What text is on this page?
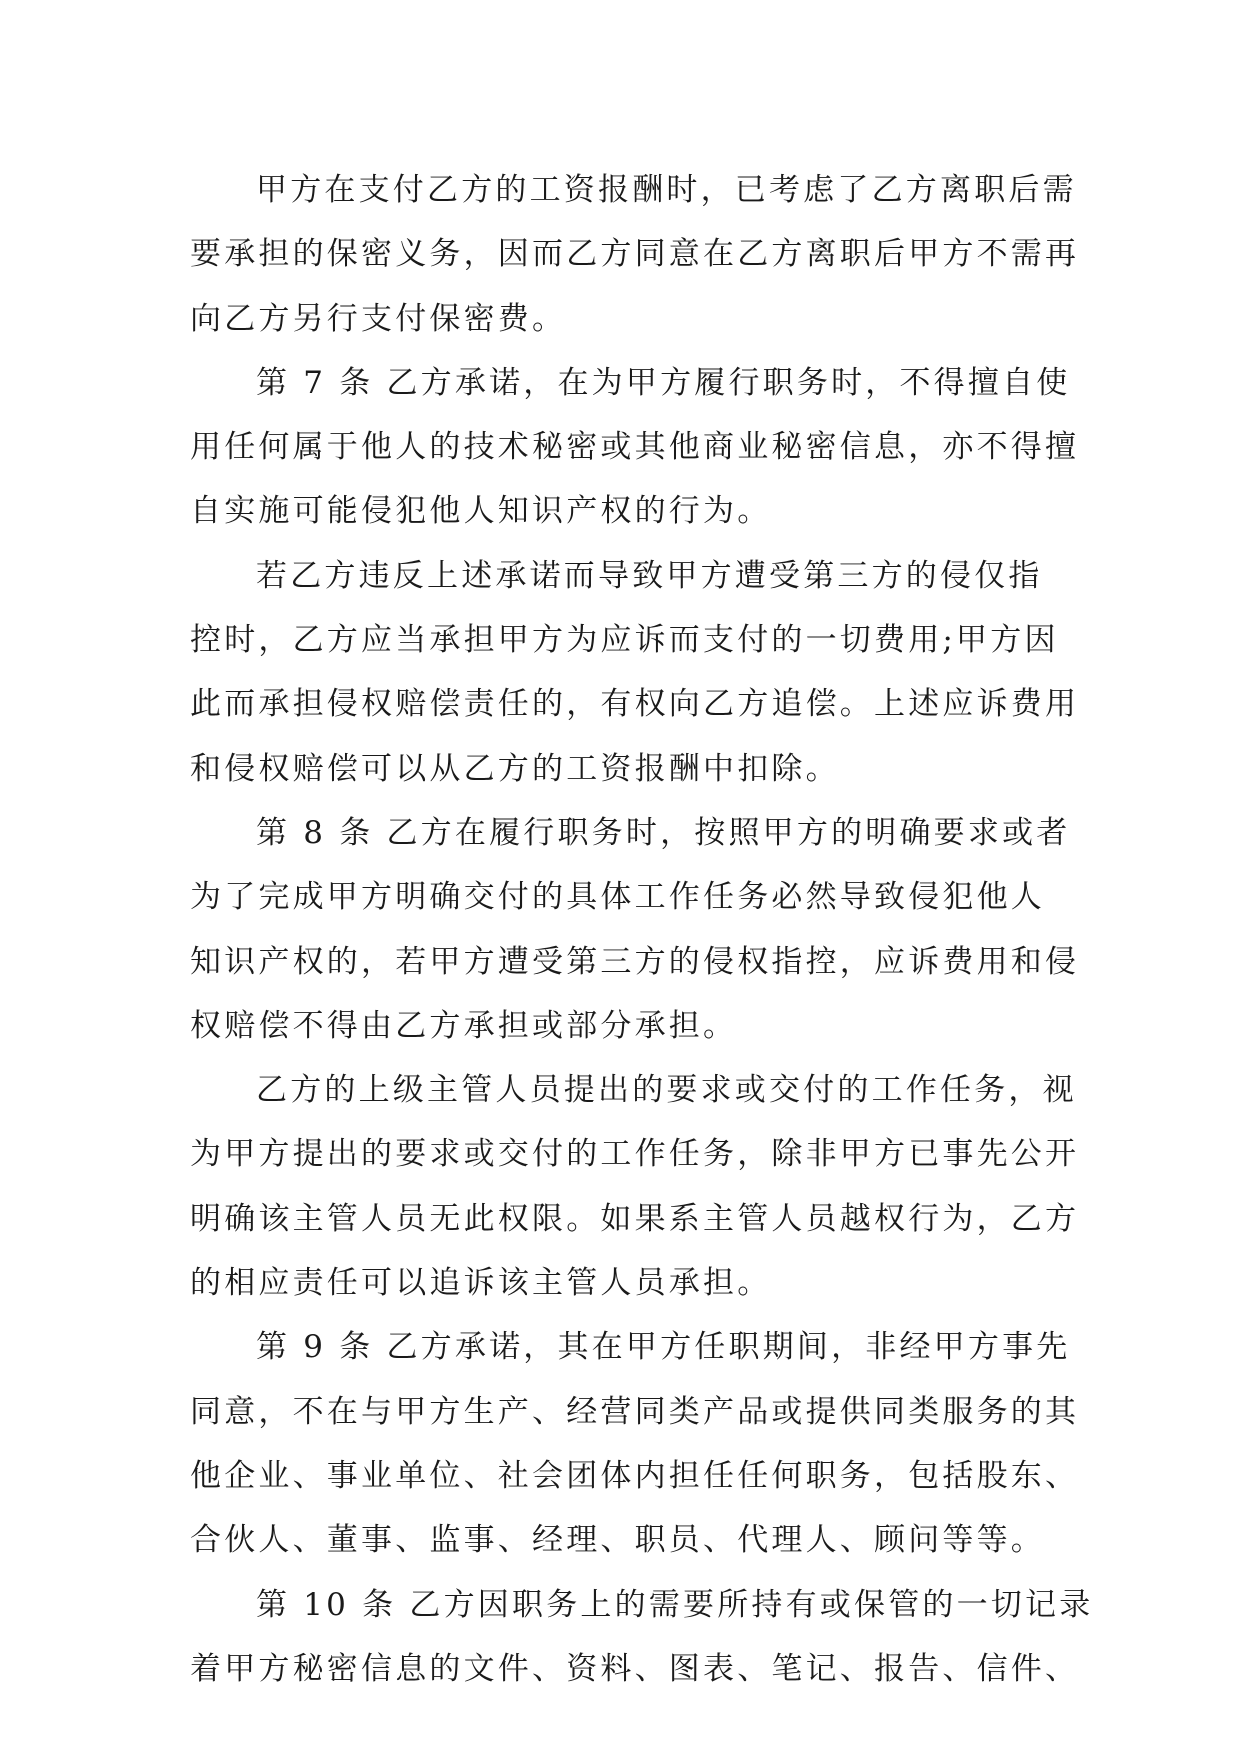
甲方在支付乙方的工资报酬时，已考虑了乙方离职后需
要承担的保密义务，因而乙方同意在乙方离职后甲方不需再
向乙方另行支付保密费。
第 7 条 乙方承诺，在为甲方履行职务时，不得擅自使
用任何属于他人的技术秘密或其他商业秘密信息，亦不得擅
自实施可能侵犯他人知识产权的行为。
若乙方违反上述承诺而导致甲方遭受第三方的侵仅指
控时，乙方应当承担甲方为应诉而支付的一切费用;甲方因
此而承担侵权赔偿责任的，有权向乙方追偿。上述应诉费用
和侵权赔偿可以从乙方的工资报酬中扣除。
第 8 条 乙方在履行职务时，按照甲方的明确要求或者
为了完成甲方明确交付的具体工作任务必然导致侵犯他人
知识产权的，若甲方遭受第三方的侵权指控，应诉费用和侵
权赔偿不得由乙方承担或部分承担。
乙方的上级主管人员提出的要求或交付的工作任务，视
为甲方提出的要求或交付的工作任务，除非甲方已事先公开
明确该主管人员无此权限。如果系主管人员越权行为，乙方
的相应责任可以追诉该主管人员承担。
第 9 条 乙方承诺，其在甲方任职期间，非经甲方事先
同意，不在与甲方生产、经营同类产品或提供同类服务的其
他企业、事业单位、社会团体内担任任何职务，包括股东、
合伙人、董事、监事、经理、职员、代理人、顾问等等。
第 10 条 乙方因职务上的需要所持有或保管的一切记录
着甲方秘密信息的文件、资料、图表、笔记、报告、信件、
